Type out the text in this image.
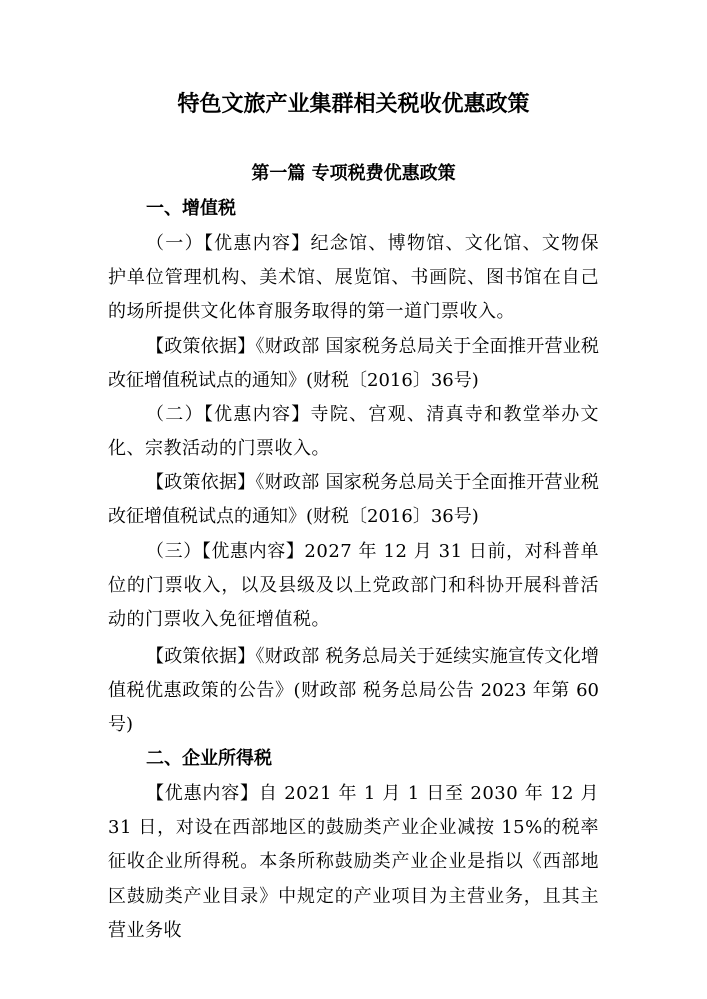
特色文旅产业集群相关税收优惠政策
第一篇 专项税费优惠政策
一、增值税

（一）【优惠内容】纪念馆、博物馆、文化馆、文物保护单位管理机构、美术馆、展览馆、书画院、图书馆在自己的场所提供文化体育服务取得的第一道门票收入。

【政策依据】《财政部 国家税务总局关于全面推开营业税改征增值税试点的通知》(财税〔2016〕36号)

（二）【优惠内容】寺院、宫观、清真寺和教堂举办文化、宗教活动的门票收入。

【政策依据】《财政部 国家税务总局关于全面推开营业税改征增值税试点的通知》(财税〔2016〕36号)

（三）【优惠内容】2027 年 12 月 31 日前，对科普单位的门票收入，以及县级及以上党政部门和科协开展科普活动的门票收入免征增值税。

【政策依据】《财政部 税务总局关于延续实施宣传文化增值税优惠政策的公告》(财政部 税务总局公告 2023 年第 60 号)

二、企业所得税

【优惠内容】自 2021 年 1 月 1 日至 2030 年 12 月 31 日，对设在西部地区的鼓励类产业企业减按 15%的税率征收企业所得税。本条所称鼓励类产业企业是指以《西部地区鼓励类产业目录》中规定的产业项目为主营业务，且其主营业务收
